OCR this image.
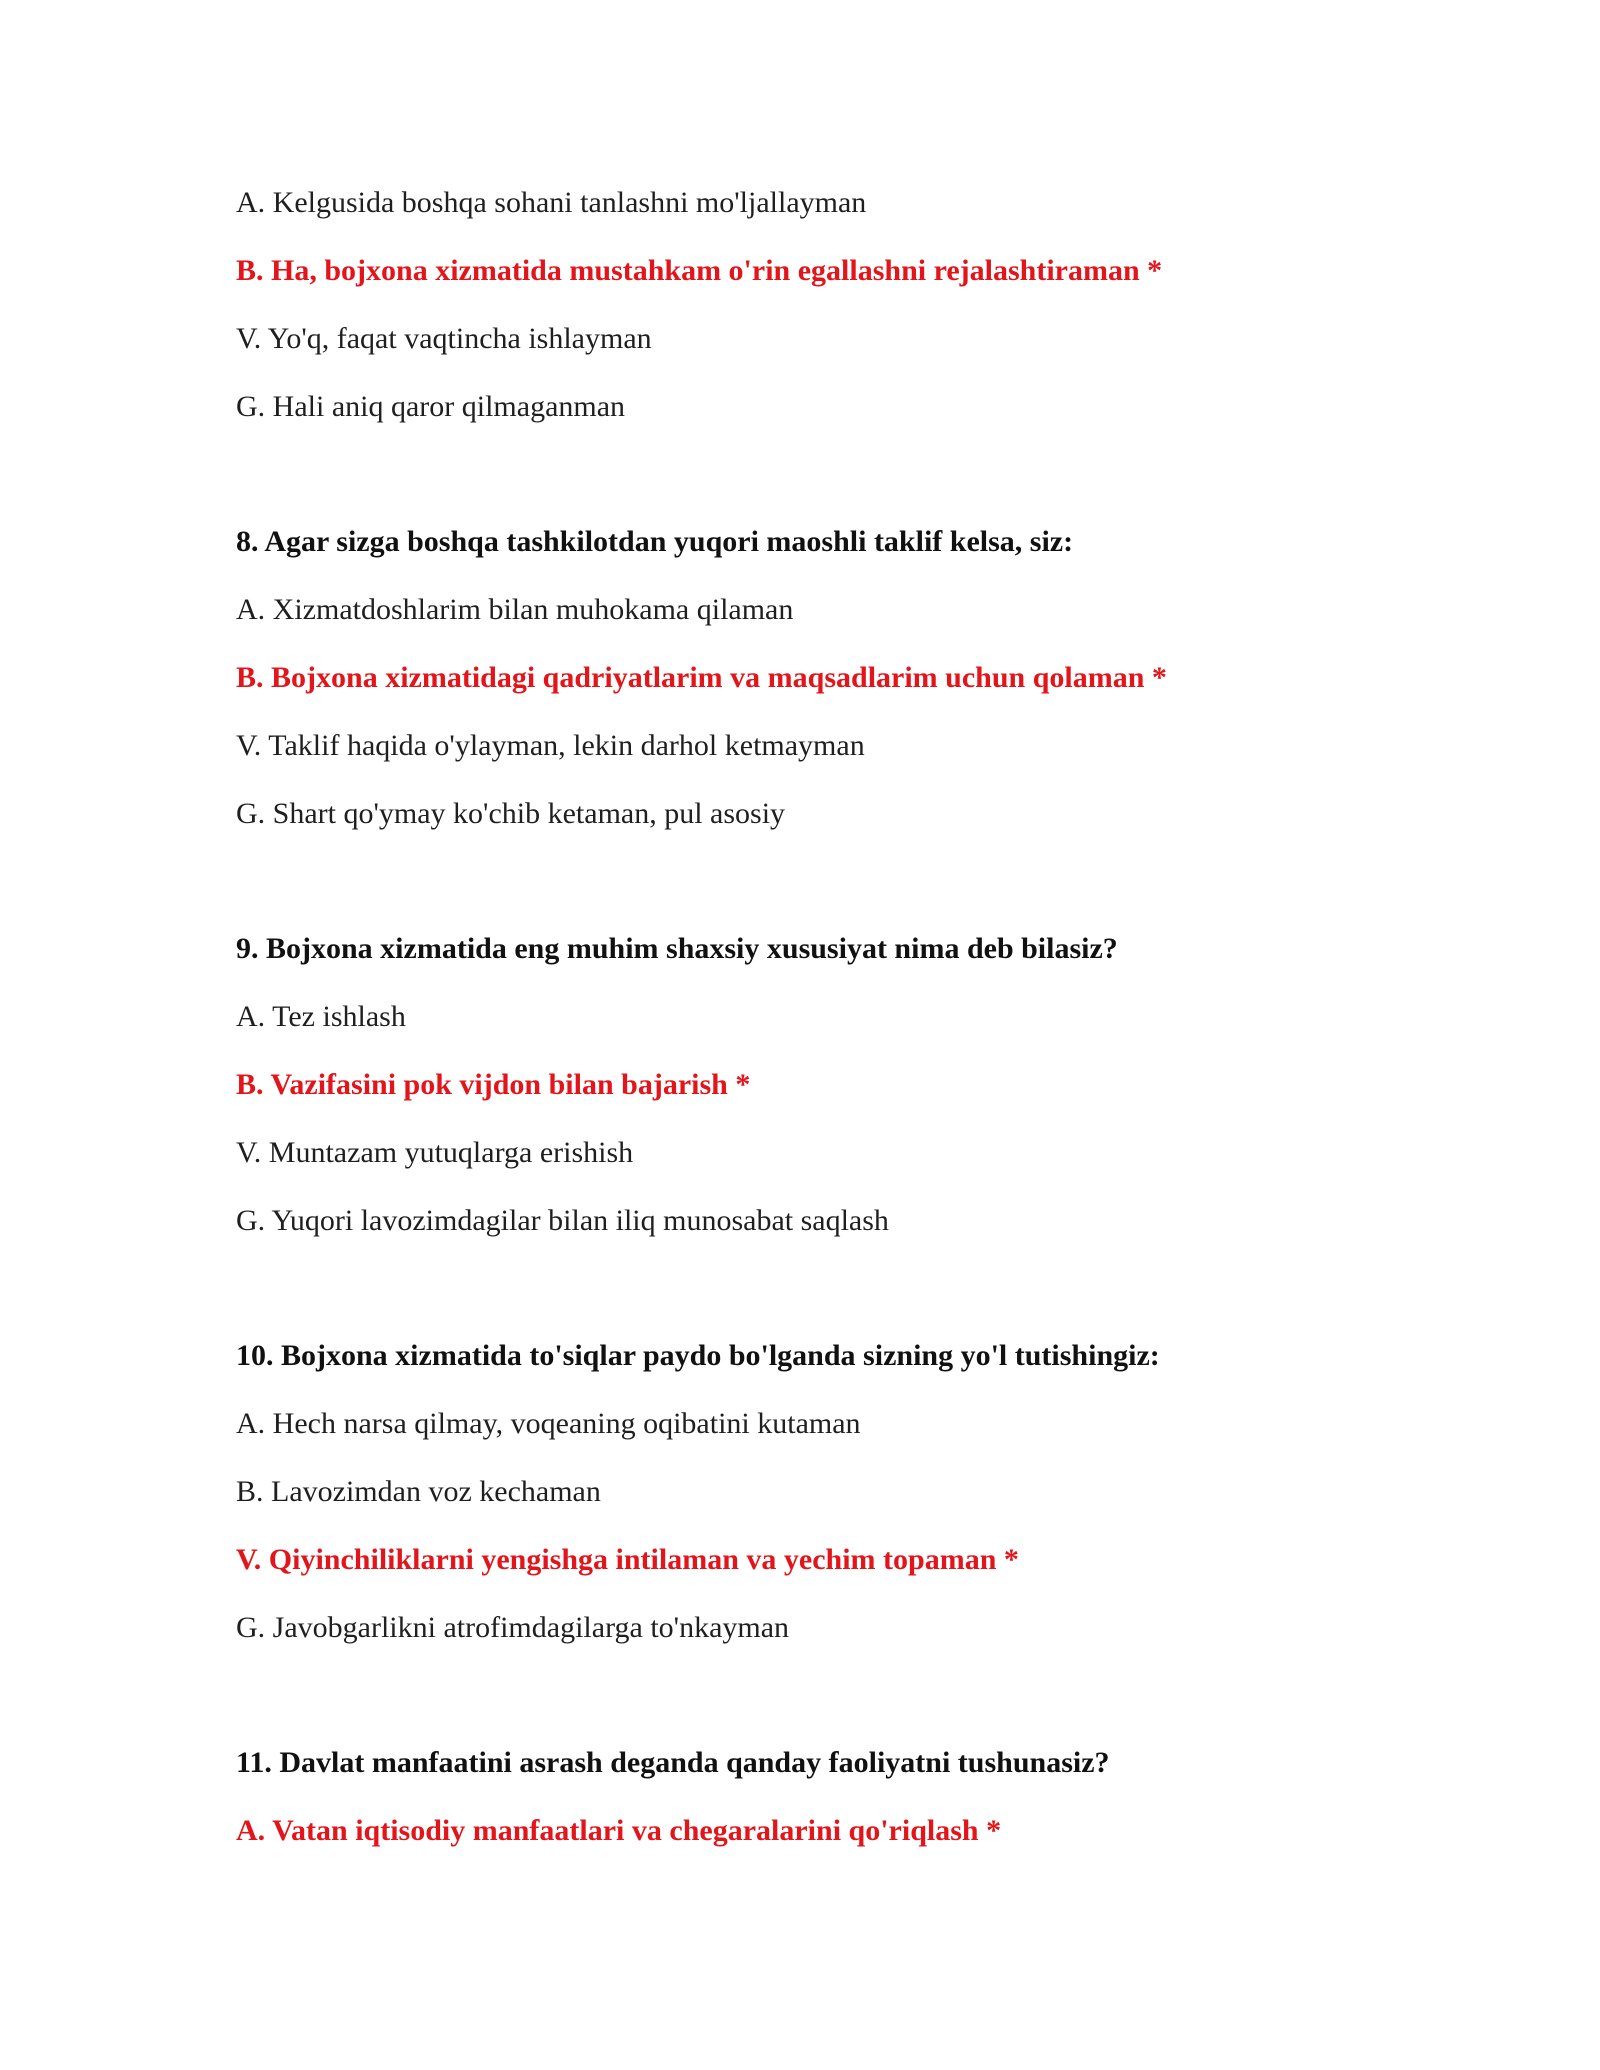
A. Kelgusida boshqa sohani tanlashni mo'ljallayman
B. Ha, bojxona xizmatida mustahkam o'rin egallashni rejalashtiraman *
V. Yo'q, faqat vaqtincha ishlayman
G. Hali aniq qaror qilmaganman
8. Agar sizga boshqa tashkilotdan yuqori maoshli taklif kelsa, siz:
A. Xizmatdoshlarim bilan muhokama qilaman
B. Bojxona xizmatidagi qadriyatlarim va maqsadlarim uchun qolaman *
V. Taklif haqida o'ylayman, lekin darhol ketmayman
G. Shart qo'ymay ko'chib ketaman, pul asosiy
9. Bojxona xizmatida eng muhim shaxsiy xususiyat nima deb bilasiz?
A. Tez ishlash
B. Vazifasini pok vijdon bilan bajarish *
V. Muntazam yutuqlarga erishish
G. Yuqori lavozimdagilar bilan iliq munosabat saqlash
10. Bojxona xizmatida to'siqlar paydo bo'lganda sizning yo'l tutishingiz:
A. Hech narsa qilmay, voqeaning oqibatini kutaman
B. Lavozimdan voz kechaman
V. Qiyinchiliklarni yengishga intilaman va yechim topaman *
G. Javobgarlikni atrofimdagilarga to'nkayman
11. Davlat manfaatini asrash deganda qanday faoliyatni tushunasiz?
A. Vatan iqtisodiy manfaatlari va chegaralarini qo'riqlash *
